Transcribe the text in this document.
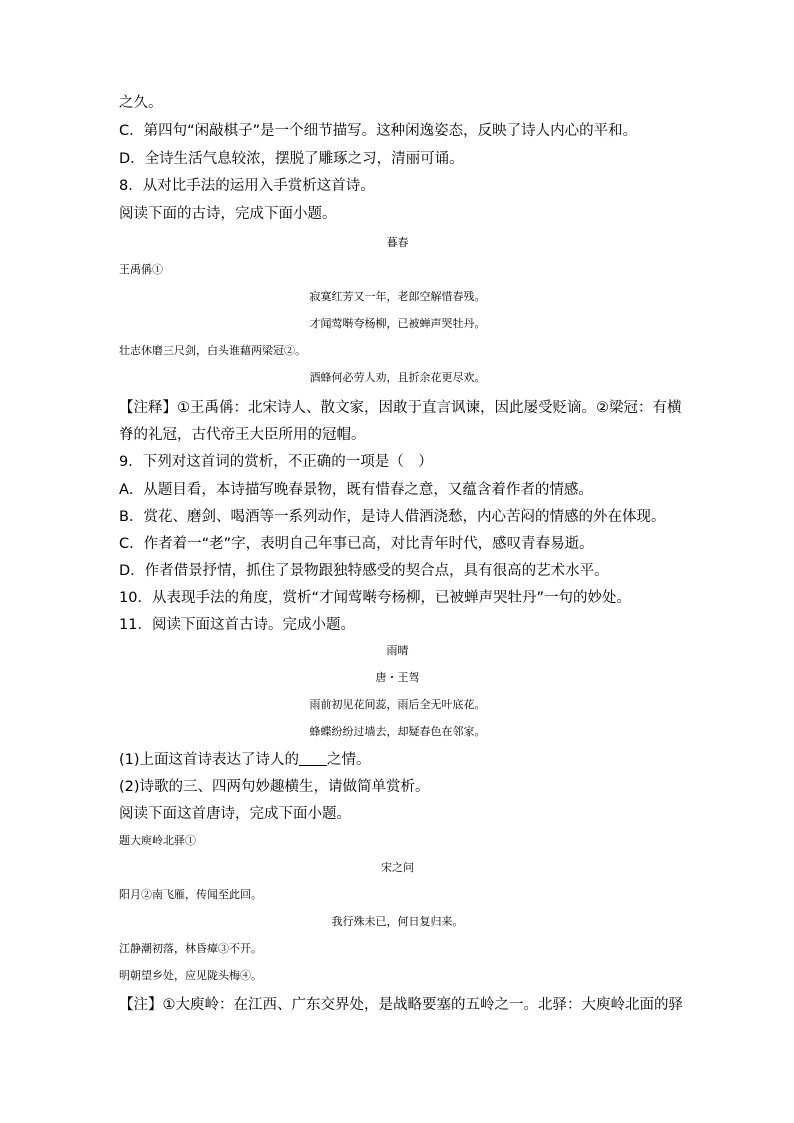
之久。
C．第四句“闲敲棋子”是一个细节描写。这种闲逸姿态，反映了诗人内心的平和。
D．全诗生活气息较浓，摆脱了雕琢之习，清丽可诵。
8．从对比手法的运用入手赏析这首诗。
阅读下面的古诗，完成下面小题。
暮春
王禹偁①
寂寞红芳又一年，老郎空解惜春残。
才闻莺啭夸杨柳，已被蝉声哭牡丹。
壮志休磨三尺剑，白头谁藉两梁冠②。
酒蜂何必劳人劝，且折余花更尽欢。
【注释】①王禹偁：北宋诗人、散文家，因敢于直言讽谏，因此屡受贬谪。②梁冠：有横
脊的礼冠，古代帝王大臣所用的冠帽。
9．下列对这首词的赏析，不正确的一项是（　）
A．从题目看，本诗描写晚春景物，既有惜春之意，又蕴含着作者的情感。
B．赏花、磨剑、喝酒等一系列动作，是诗人借酒浇愁，内心苦闷的情感的外在体现。
C．作者着一“老”字，表明自己年事已高，对比青年时代，感叹青春易逝。
D．作者借景抒情，抓住了景物跟独特感受的契合点，具有很高的艺术水平。
10．从表现手法的角度，赏析“才闻莺啭夸杨柳，已被蝉声哭牡丹”一句的妙处。
11．阅读下面这首古诗。完成小题。
雨晴
唐・王驾
雨前初见花间蕊，雨后全无叶底花。
蜂蝶纷纷过墙去，却疑春色在邻家。
(1)上面这首诗表达了诗人的 之情。
(2)诗歌的三、四两句妙趣横生，请做简单赏析。
阅读下面这首唐诗，完成下面小题。
题大庾岭北驿①
宋之问
阳月②南飞雁，传闻至此回。
我行殊未已，何日复归来。
江静潮初落，林昏瘴③不开。
明朝望乡处，应见陇头梅④。
【注】①大庾岭：在江西、广东交界处，是战略要塞的五岭之一。北驿：大庾岭北面的驿
